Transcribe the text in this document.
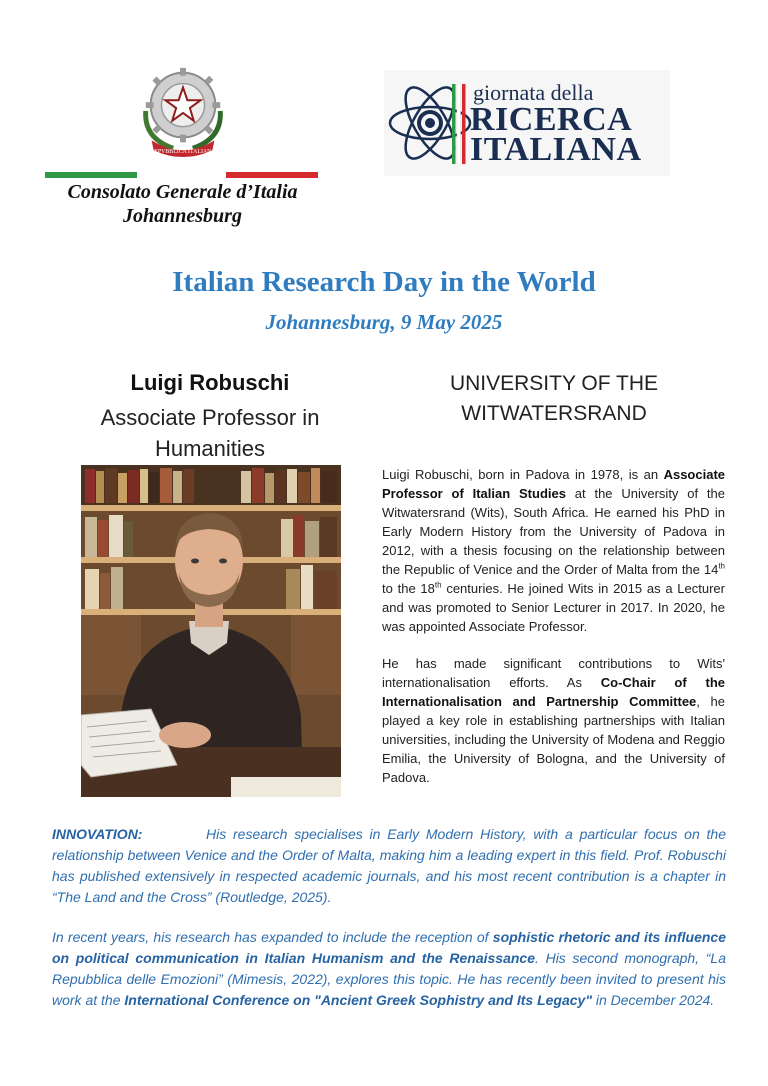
REPVBBLICA ITALIANA
Consolato Generale d’Italia
Johannesburg
giornata della
RICERCA
ITALIANA
Italian Research Day in the World
Johannesburg, 9 May 2025
Luigi Robuschi
Associate Professor in Humanities
UNIVERSITY OF THE WITWATERSRAND

Luigi Robuschi, born in Padova in 1978, is an Associate Professor of Italian Studies at the University of the Witwatersrand (Wits), South Africa. He earned his PhD in Early Modern History from the University of Padova in 2012, with a thesis focusing on the relationship between the Republic of Venice and the Order of Malta from the 14th to the 18th centuries. He joined Wits in 2015 as a Lecturer and was promoted to Senior Lecturer in 2017. In 2020, he was appointed Associate Professor.

He has made significant contributions to Wits' internationalisation efforts. As Co-Chair of the Internationalisation and Partnership Committee, he played a key role in establishing partnerships with Italian universities, including the University of Modena and Reggio Emilia, the University of Bologna, and the University of Padova.

INNOVATION:	His research specialises in Early Modern History, with a particular focus on the relationship between Venice and the Order of Malta, making him a leading expert in this field. Prof. Robuschi has published extensively in respected academic journals, and his most recent contribution is a chapter in “The Land and the Cross” (Routledge, 2025).

In recent years, his research has expanded to include the reception of sophistic rhetoric and its influence on political communication in Italian Humanism and the Renaissance. His second monograph, “La Repubblica delle Emozioni” (Mimesis, 2022), explores this topic. He has recently been invited to present his work at the International Conference on "Ancient Greek Sophistry and Its Legacy" in December 2024.
